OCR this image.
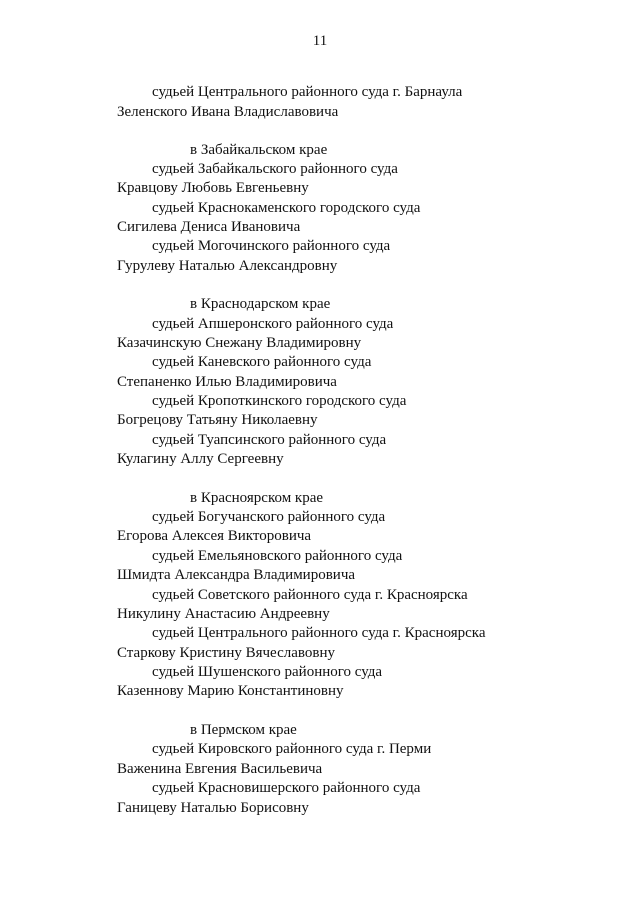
11
судьей Центрального районного суда г. Барнаула
Зеленского Ивана Владиславовича
в Забайкальском крае
судьей Забайкальского районного суда
Кравцову Любовь Евгеньевну
судьей Краснокаменского городского суда
Сигилева Дениса Ивановича
судьей Могочинского районного суда
Гурулеву Наталью Александровну
в Краснодарском крае
судьей Апшеронского районного суда
Казачинскую Снежану Владимировну
судьей Каневского районного суда
Степаненко Илью Владимировича
судьей Кропоткинского городского суда
Богрецову Татьяну Николаевну
судьей Туапсинского районного суда
Кулагину Аллу Сергеевну
в Красноярском крае
судьей Богучанского районного суда
Егорова Алексея Викторовича
судьей Емельяновского районного суда
Шмидта Александра Владимировича
судьей Советского районного суда г. Красноярска
Никулину Анастасию Андреевну
судьей Центрального районного суда г. Красноярска
Старкову Кристину Вячеславовну
судьей Шушенского районного суда
Казеннову Марию Константиновну
в Пермском крае
судьей Кировского районного суда г. Перми
Важенина Евгения Васильевича
судьей Красновишерского районного суда
Ганицеву Наталью Борисовну
